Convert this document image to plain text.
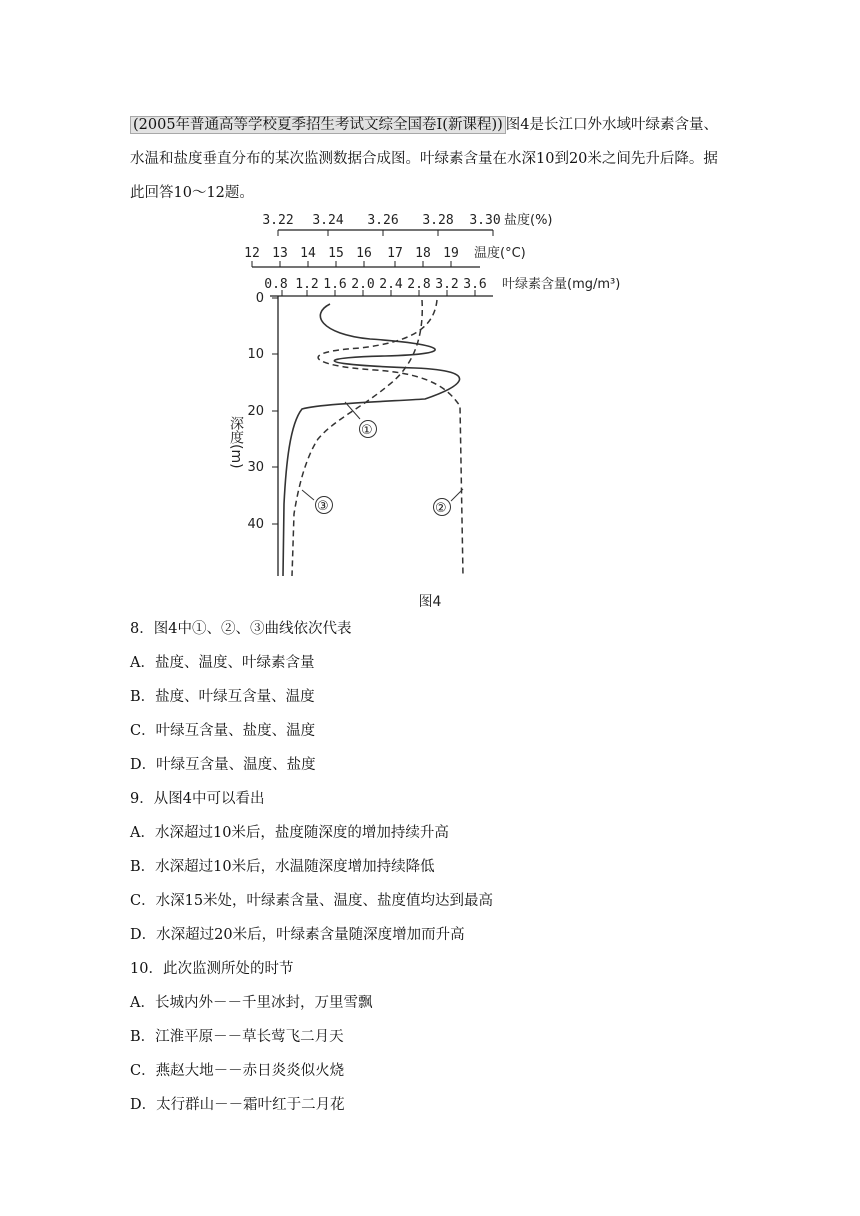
(2005年普通高等学校夏季招生考试文综全国卷Ⅰ(新课程)) 图4是长江口外水域叶绿素含量、水温和盐度垂直分布的某次监测数据合成图。叶绿素含量在水深10到20米之间先升后降。据此回答10～12题。
3.22 3.24 3.26 3.28 3.30 盐度(%)
12 13 14 15 16 17 18 19 温度(°C)
0.8 1.2 1.6 2.0 2.4 2.8 3.2 3.6 叶绿素含量(mg/m³)
0
10
20
30
40
深度(m)	①
②
③
图4
8．图4中①、②、③曲线依次代表
A．盐度、温度、叶绿素含量
B．盐度、叶绿互含量、温度
C．叶绿互含量、盐度、温度
D．叶绿互含量、温度、盐度
9．从图4中可以看出
A．水深超过10米后，盐度随深度的增加持续升高
B．水深超过10米后，水温随深度增加持续降低
C．水深15米处，叶绿素含量、温度、盐度值均达到最高
D．水深超过20米后，叶绿素含量随深度增加而升高
10．此次监测所处的时节
A．长城内外－－千里冰封，万里雪飘
B．江淮平原－－草长莺飞二月天
C．燕赵大地－－赤日炎炎似火烧
D．太行群山－－霜叶红于二月花
